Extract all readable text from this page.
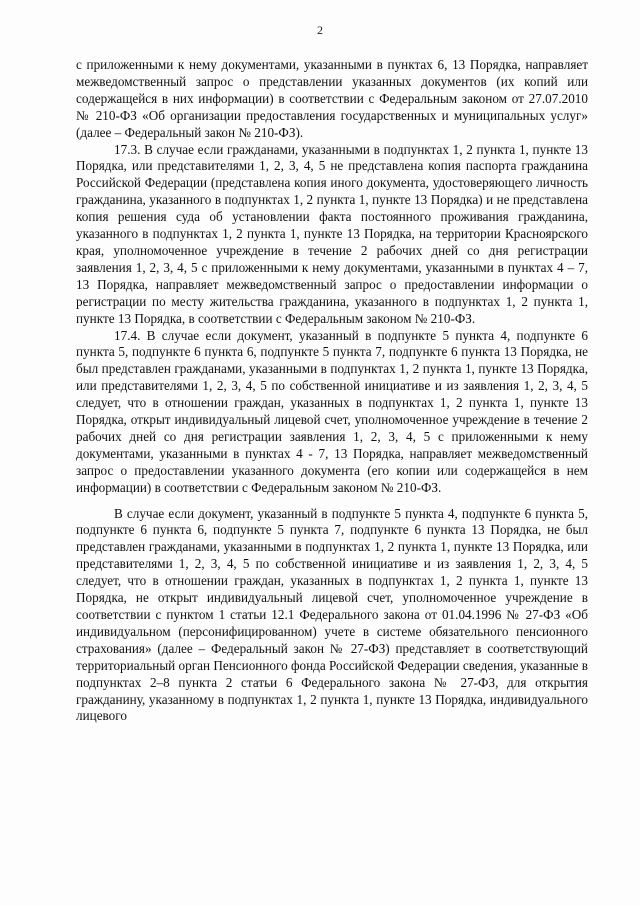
2

с приложенными к нему документами, указанными в пунктах 6, 13 Порядка, направляет межведомственный запрос о представлении указанных документов (их копий или содержащейся в них информации) в соответствии с Федеральным законом от 27.07.2010 № 210-ФЗ «Об организации предоставления государственных и муниципальных услуг» (далее – Федеральный закон № 210-ФЗ).

17.3. В случае если гражданами, указанными в подпунктах 1, 2 пункта 1, пункте 13 Порядка, или представителями 1, 2, 3, 4, 5 не представлена копия паспорта гражданина Российской Федерации (представлена копия иного документа, удостоверяющего личность гражданина, указанного в подпунктах 1, 2 пункта 1, пункте 13 Порядка) и не представлена копия решения суда об установлении факта постоянного проживания гражданина, указанного в подпунктах 1, 2 пункта 1, пункте 13 Порядка, на территории Красноярского края, уполномоченное учреждение в течение 2 рабочих дней со дня регистрации заявления 1, 2, 3, 4, 5 с приложенными к нему документами, указанными в пунктах 4 – 7, 13 Порядка, направляет межведомственный запрос о предоставлении информации о регистрации по месту жительства гражданина, указанного в подпунктах 1, 2 пункта 1, пункте 13 Порядка, в соответствии с Федеральным законом № 210-ФЗ.

17.4. В случае если документ, указанный в подпункте 5 пункта 4, подпункте 6 пункта 5, подпункте 6 пункта 6, подпункте 5 пункта 7, подпункте 6 пункта 13 Порядка, не был представлен гражданами, указанными в подпунктах 1, 2 пункта 1, пункте 13 Порядка, или представителями 1, 2, 3, 4, 5 по собственной инициативе и из заявления 1, 2, 3, 4, 5 следует, что в отношении граждан, указанных в подпунктах 1, 2 пункта 1, пункте 13 Порядка, открыт индивидуальный лицевой счет, уполномоченное учреждение в течение 2 рабочих дней со дня регистрации заявления 1, 2, 3, 4, 5 с приложенными к нему документами, указанными в пунктах 4 - 7, 13 Порядка, направляет межведомственный запрос о предоставлении указанного документа (его копии или содержащейся в нем информации) в соответствии с Федеральным законом № 210-ФЗ.

В случае если документ, указанный в подпункте 5 пункта 4, подпункте 6 пункта 5, подпункте 6 пункта 6, подпункте 5 пункта 7, подпункте 6 пункта 13 Порядка, не был представлен гражданами, указанными в подпунктах 1, 2 пункта 1, пункте 13 Порядка, или представителями 1, 2, 3, 4, 5 по собственной инициативе и из заявления 1, 2, 3, 4, 5 следует, что в отношении граждан, указанных в подпунктах 1, 2 пункта 1, пункте 13 Порядка, не открыт индивидуальный лицевой счет, уполномоченное учреждение в соответствии с пунктом 1 статьи 12.1 Федерального закона от 01.04.1996 № 27-ФЗ «Об индивидуальном (персонифицированном) учете в системе обязательного пенсионного страхования» (далее – Федеральный закон № 27-ФЗ) представляет в соответствующий территориальный орган Пенсионного фонда Российской Федерации сведения, указанные в подпунктах 2–8 пункта 2 статьи 6 Федерального закона № 27-ФЗ, для открытия гражданину, указанному в подпунктах 1, 2 пункта 1, пункте 13 Порядка, индивидуального лицевого
